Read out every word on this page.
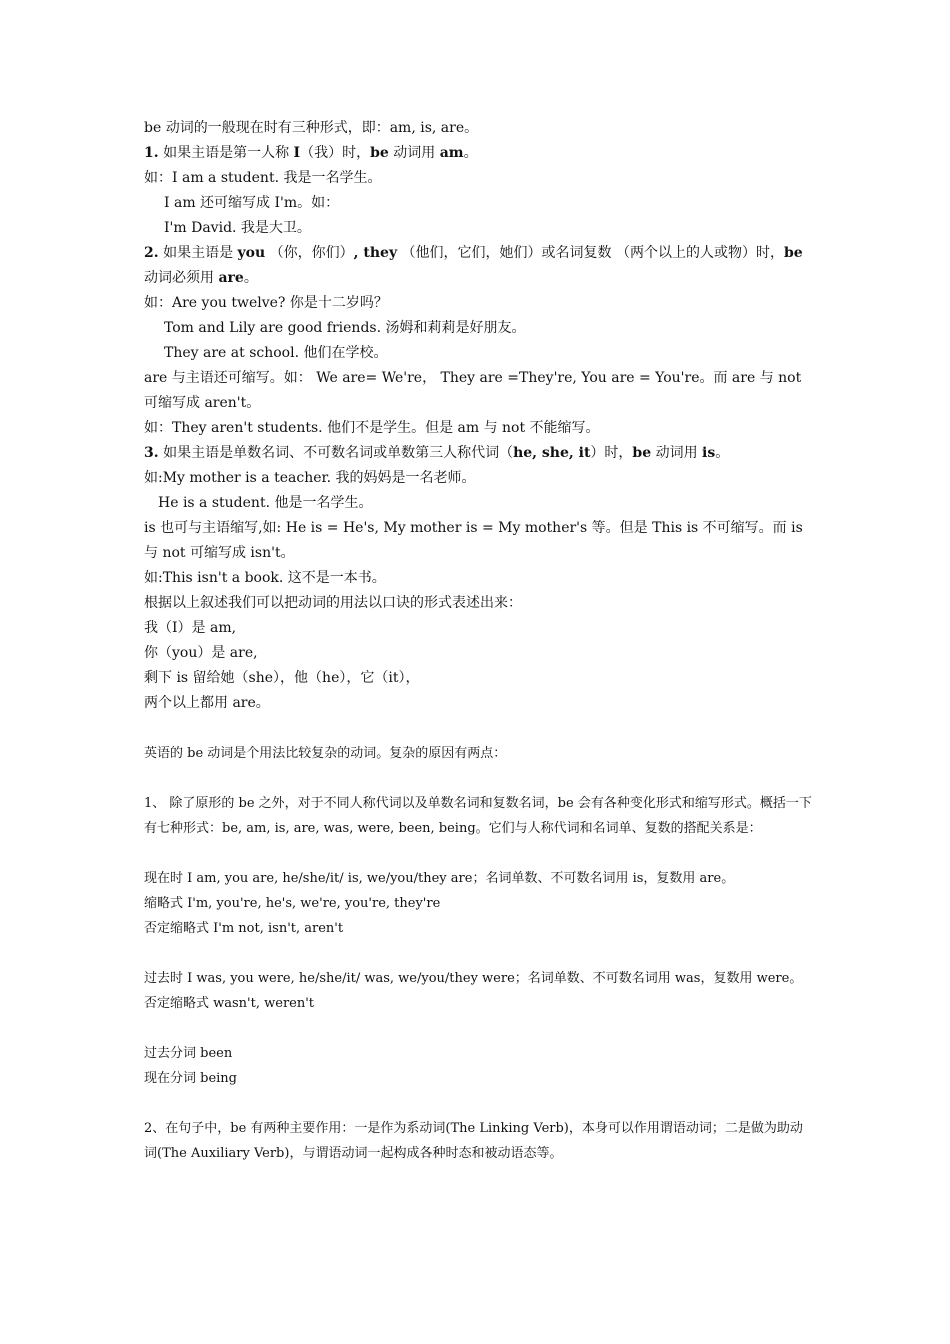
be 动词的一般现在时有三种形式，即：am, is, are。
1. 如果主语是第一人称 I（我）时，be 动词用 am。
如：I am a student. 我是一名学生。
I am 还可缩写成 I'm。如：
I'm David. 我是大卫。
2. 如果主语是 you （你，你们）, they （他们，它们，她们）或名词复数 （两个以上的人或物）时，be 动词必须用 are。
如：Are you twelve? 你是十二岁吗？
Tom and Lily are good friends. 汤姆和莉莉是好朋友。
They are at school. 他们在学校。
are 与主语还可缩写。如： We are= We're， They are =They're, You are = You're。而 are 与 not 可缩写成 aren't。
如：They aren't students. 他们不是学生。但是 am 与 not 不能缩写。
3. 如果主语是单数名词、不可数名词或单数第三人称代词（he, she, it）时，be 动词用 is。
如:My mother is a teacher. 我的妈妈是一名老师。
He is a student. 他是一名学生。
is 也可与主语缩写,如: He is = He's, My mother is = My mother's 等。但是 This is 不可缩写。而 is 与 not 可缩写成 isn't。
如:This isn't a book. 这不是一本书。
根据以上叙述我们可以把动词的用法以口诀的形式表述出来：
我（I）是 am,
你（you）是 are,
剩下 is 留给她（she），他（he），它（it），
两个以上都用 are。
英语的 be 动词是个用法比较复杂的动词。复杂的原因有两点：
1、 除了原形的 be 之外，对于不同人称代词以及单数名词和复数名词，be 会有各种变化形式和缩写形式。概括一下有七种形式：be, am, is, are, was, were, been, being。它们与人称代词和名词单、复数的搭配关系是：
现在时 I am, you are, he/she/it/ is, we/you/they are；名词单数、不可数名词用 is，复数用 are。
缩略式 I'm, you're, he's, we're, you're, they're
否定缩略式 I'm not, isn't, aren't
过去时 I was, you were, he/she/it/ was, we/you/they were；名词单数、不可数名词用 was，复数用 were。
否定缩略式 wasn't, weren't
过去分词 been
现在分词 being
2、在句子中，be 有两种主要作用：一是作为系动词(The Linking Verb)，本身可以作用谓语动词；二是做为助动词(The Auxiliary Verb)，与谓语动词一起构成各种时态和被动语态等。
